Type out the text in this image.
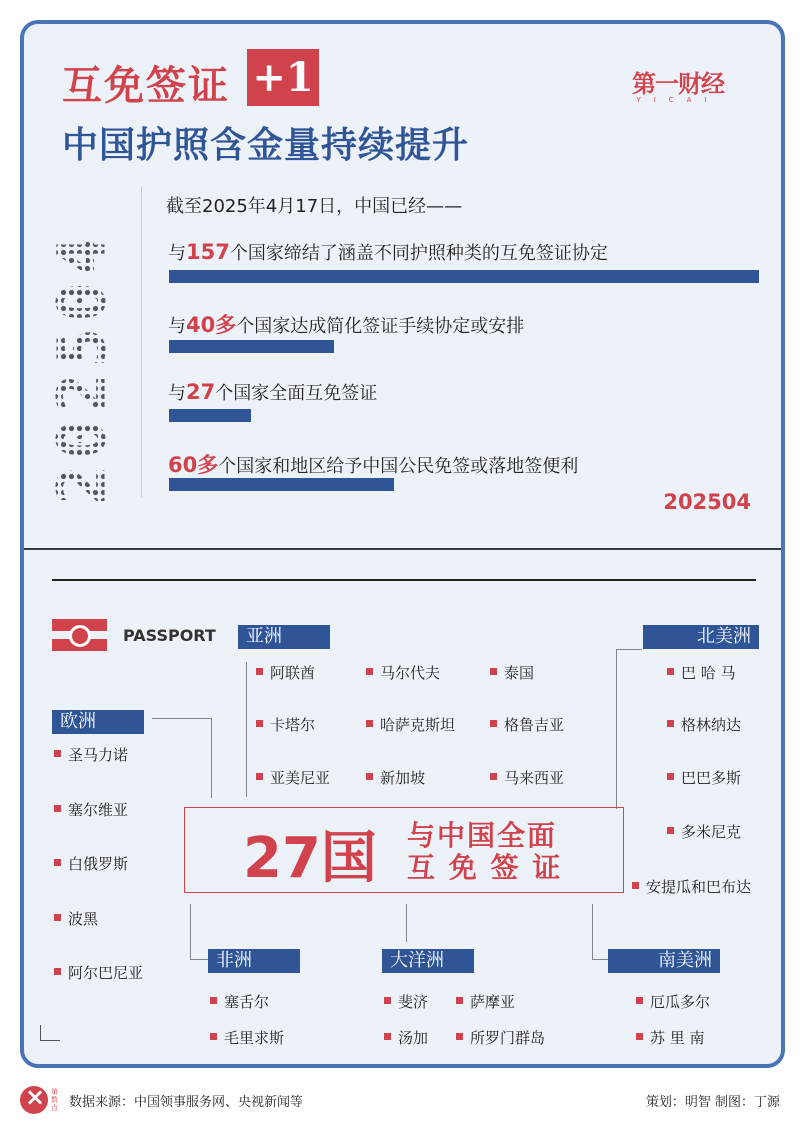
互免签证 +1
中国护照含金量持续提升
第一财经
YICAI
202504
截至2025年4月17日，中国已经——
与157个国家缔结了涵盖不同护照种类的互免签证协定
与40多个国家达成简化签证手续协定或安排
与27个国家全面互免签证
60多个国家和地区给予中国公民免签或落地签便利
202504
PASSPORT	亚洲
阿联酋	马尔代夫	泰国
卡塔尔	哈萨克斯坦	格鲁吉亚
亚美尼亚	新加坡	马来西亚
欧洲
圣马力诺
塞尔维亚
白俄罗斯
波黑
阿尔巴尼亚
北美洲
巴 哈 马
格林纳达
巴巴多斯
多米尼克
安提瓜和巴布达
27国 与中国全面
互 免 签 证
非洲
塞舌尔
毛里求斯
大洋洲
斐济	萨摩亚
汤加	所罗门群岛
南美洲
厄瓜多尔
苏 里 南
×
第数点 数据来源：中国领事服务网、央视新闻等	策划：明智 制图：丁源
